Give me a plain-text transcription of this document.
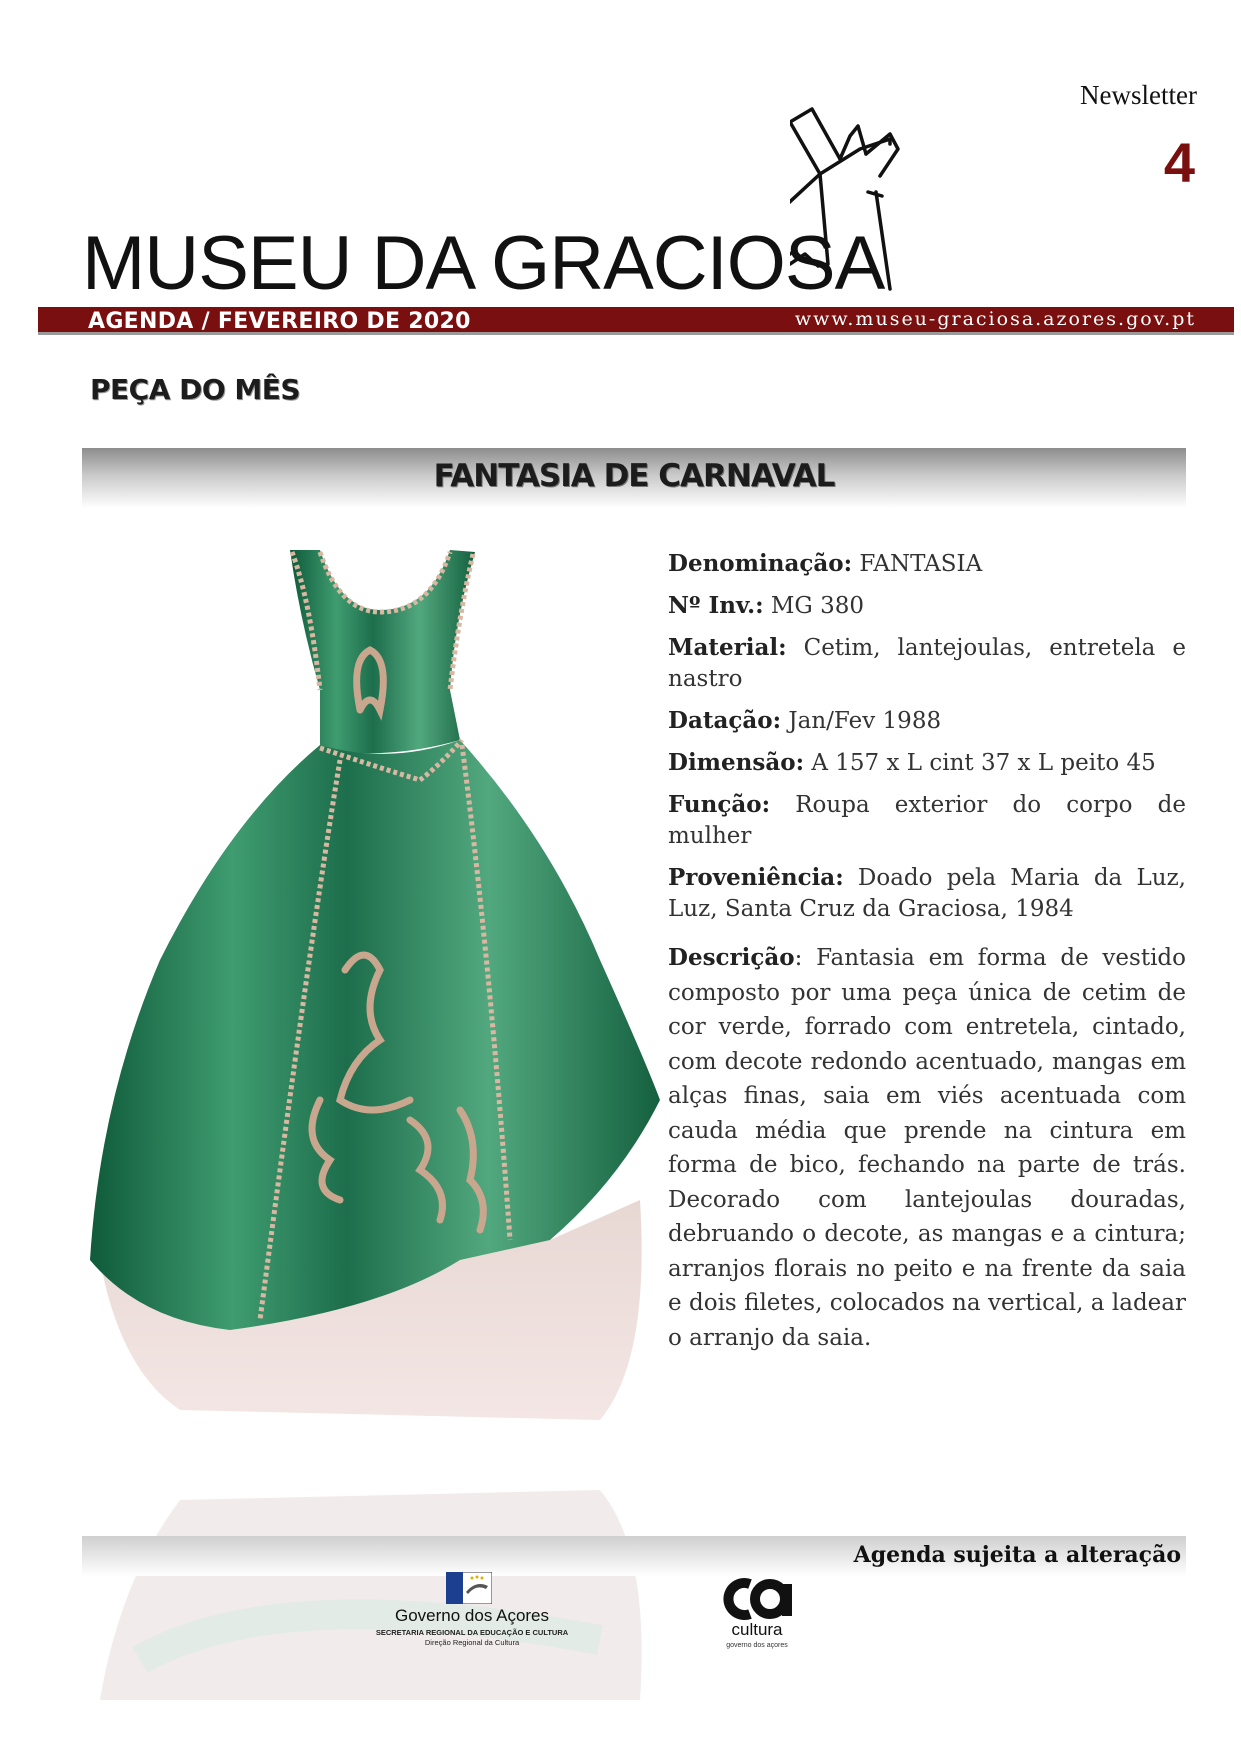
Newsletter
4
MUSEU DA GRACIOSA
AGENDA / FEVEREIRO DE 2020	www.museu-graciosa.azores.gov.pt
PEÇA DO MÊS
FANTASIA DE CARNAVAL
Denominação: FANTASIA
Nº Inv.: MG 380
Material: Cetim, lantejoulas, entretela e nastro
Datação: Jan/Fev 1988
Dimensão: A 157 x L cint 37 x L peito 45
Função: Roupa exterior do corpo de mulher
Proveniência: Doado pela Maria da Luz, Luz, Santa Cruz da Graciosa, 1984
Descrição: Fantasia em forma de vestido composto por uma peça única de cetim de cor verde, forrado com entretela, cintado, com decote redondo acentuado, mangas em alças finas, saia em viés acentuada com cauda média que prende na cintura em forma de bico, fechando na parte de trás. Decorado com lantejoulas douradas, debruando o decote, as mangas e a cintura; arranjos florais no peito e na frente da saia e dois filetes, colocados na vertical, a ladear o arranjo da saia.
Agenda sujeita a alteração
Governo dos Açores
SECRETARIA REGIONAL DA EDUCAÇÃO E CULTURA
Direção Regional da Cultura
cultura
governo dos açores
